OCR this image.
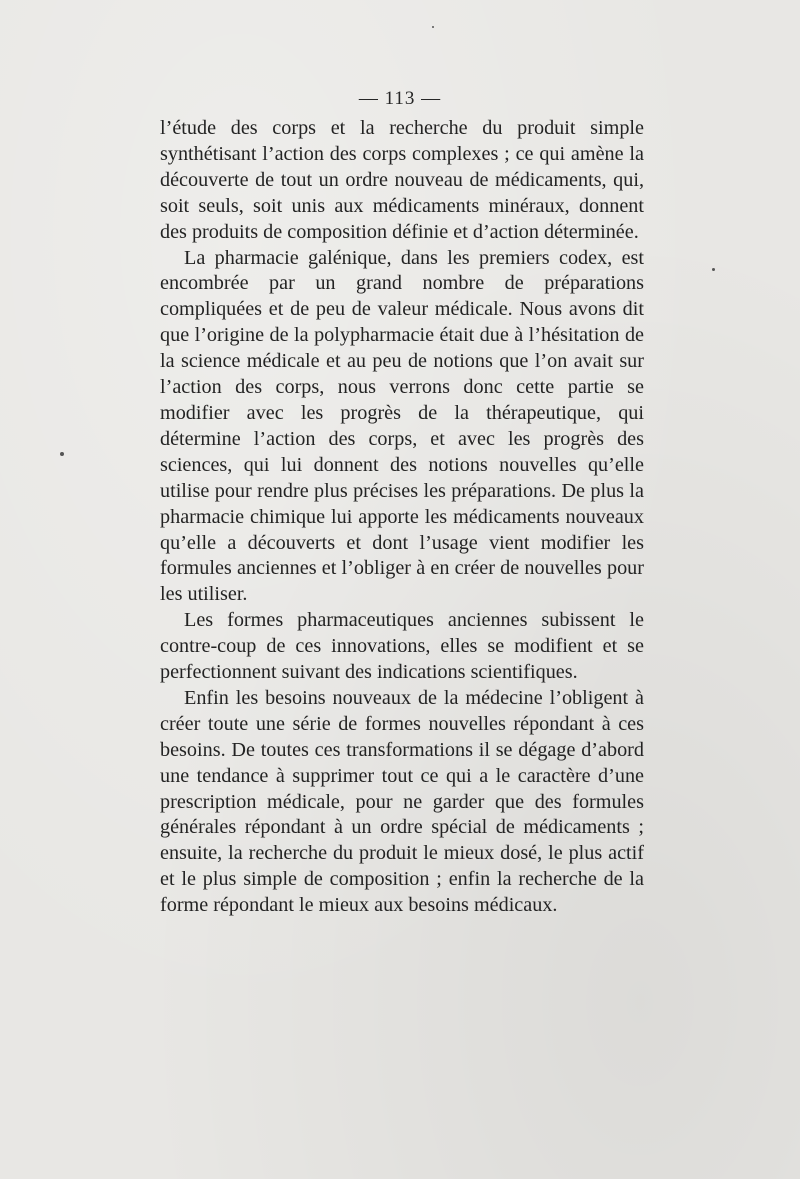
— 113 —

l’étude des corps et la recherche du produit simple synthétisant l’action des corps complexes ; ce qui amène la découverte de tout un ordre nouveau de médicaments, qui, soit seuls, soit unis aux médicaments minéraux, donnent des produits de composition définie et d’action déterminée.

La pharmacie galénique, dans les premiers codex, est encombrée par un grand nombre de préparations compliquées et de peu de valeur médicale. Nous avons dit que l’origine de la polypharmacie était due à l’hésitation de la science médicale et au peu de notions que l’on avait sur l’action des corps, nous verrons donc cette partie se modifier avec les progrès de la thérapeutique, qui détermine l’action des corps, et avec les progrès des sciences, qui lui donnent des notions nouvelles qu’elle utilise pour rendre plus précises les préparations. De plus la pharmacie chimique lui apporte les médicaments nouveaux qu’elle a découverts et dont l’usage vient modifier les formules anciennes et l’obliger à en créer de nouvelles pour les utiliser.

Les formes pharmaceutiques anciennes subissent le contre-coup de ces innovations, elles se modifient et se perfectionnent suivant des indications scientifiques.

Enfin les besoins nouveaux de la médecine l’obligent à créer toute une série de formes nouvelles répondant à ces besoins. De toutes ces transformations il se dégage d’abord une tendance à supprimer tout ce qui a le caractère d’une prescription médicale, pour ne garder que des formules générales répondant à un ordre spécial de médicaments ; ensuite, la recherche du produit le mieux dosé, le plus actif et le plus simple de composition ; enfin la recherche de la forme répondant le mieux aux besoins médicaux.
